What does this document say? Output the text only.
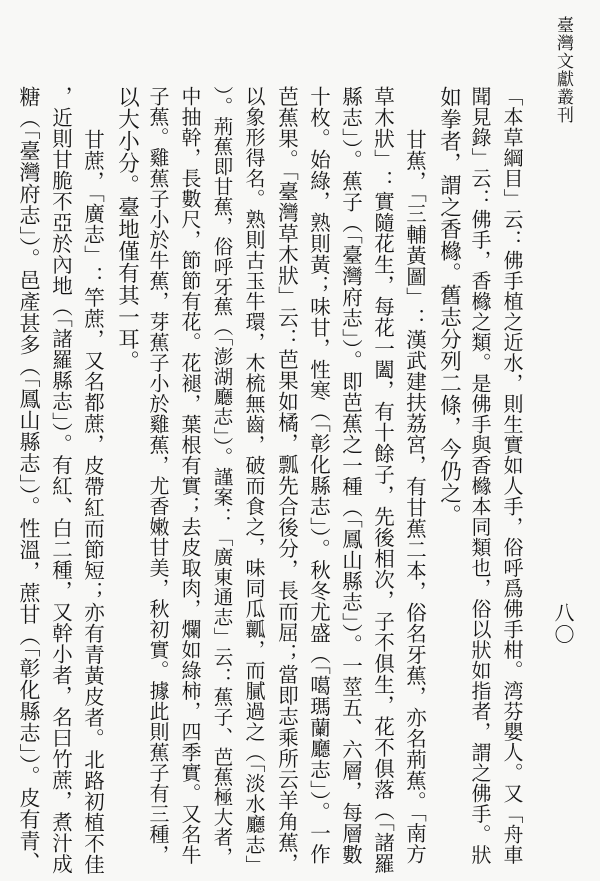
臺灣文獻叢刊
八〇
「本草綱目」云：佛手植之近水，則生實如人手，俗呼爲佛手柑。湾芬嬰人。又「舟車
聞見錄」云：佛手，香櫞之類。是佛手與香櫞本同類也，俗以狀如指者，謂之佛手。狀
如拳者，謂之香櫞。舊志分列二條，今仍之。
甘蕉，「三輔黃圖」：漢武建扶荔宮，有甘蕉二本，俗名牙蕉，亦名荊蕉。「南方
草木狀」：實隨花生，每花一闔，有十餘子，先後相次，子不俱生，花不俱落（「諸羅
縣志」）。蕉子（「臺灣府志」）。即芭蕉之一種（「鳳山縣志」）。一莖五、六層，每層數
十枚。始綠，熟則黃；味甘，性寒（「彰化縣志」）。秋冬尤盛（「噶瑪蘭廳志」）。一作
芭蕉果。「臺灣草木狀」云：芭果如橘，瓢先合後分，長而屈；當即志乘所云羊角蕉，
以象形得名。熟則古玉牛環，木梳無齒，破而食之，味同瓜瓤，而膩過之（「淡水廳志」
）。荊蕉即甘蕉，俗呼牙蕉（「澎湖廳志」）。謹案：「廣東通志」云：蕉子、芭蕉極大者，
中抽幹，長數尺，節節有花。花褪，葉根有實；去皮取肉，爛如綠柿，四季實。又名牛
子蕉。雞蕉子小於牛蕉，芽蕉子小於雞蕉，尤香嫩甘美，秋初實。據此則蕉子有三種，
以大小分。臺地僅有其一耳。
甘蔗，「廣志」：竿蔗，又名都蔗，皮帶紅而節短；亦有青黃皮者。北路初植不佳
，近則甘脆不亞於內地（「諸羅縣志」）。有紅、白二種，又幹小者，名曰竹蔗，煮汁成
糖（「臺灣府志」）。邑產甚多（「鳳山縣志」）。性溫，蔗甘（「彰化縣志」）。皮有青、
